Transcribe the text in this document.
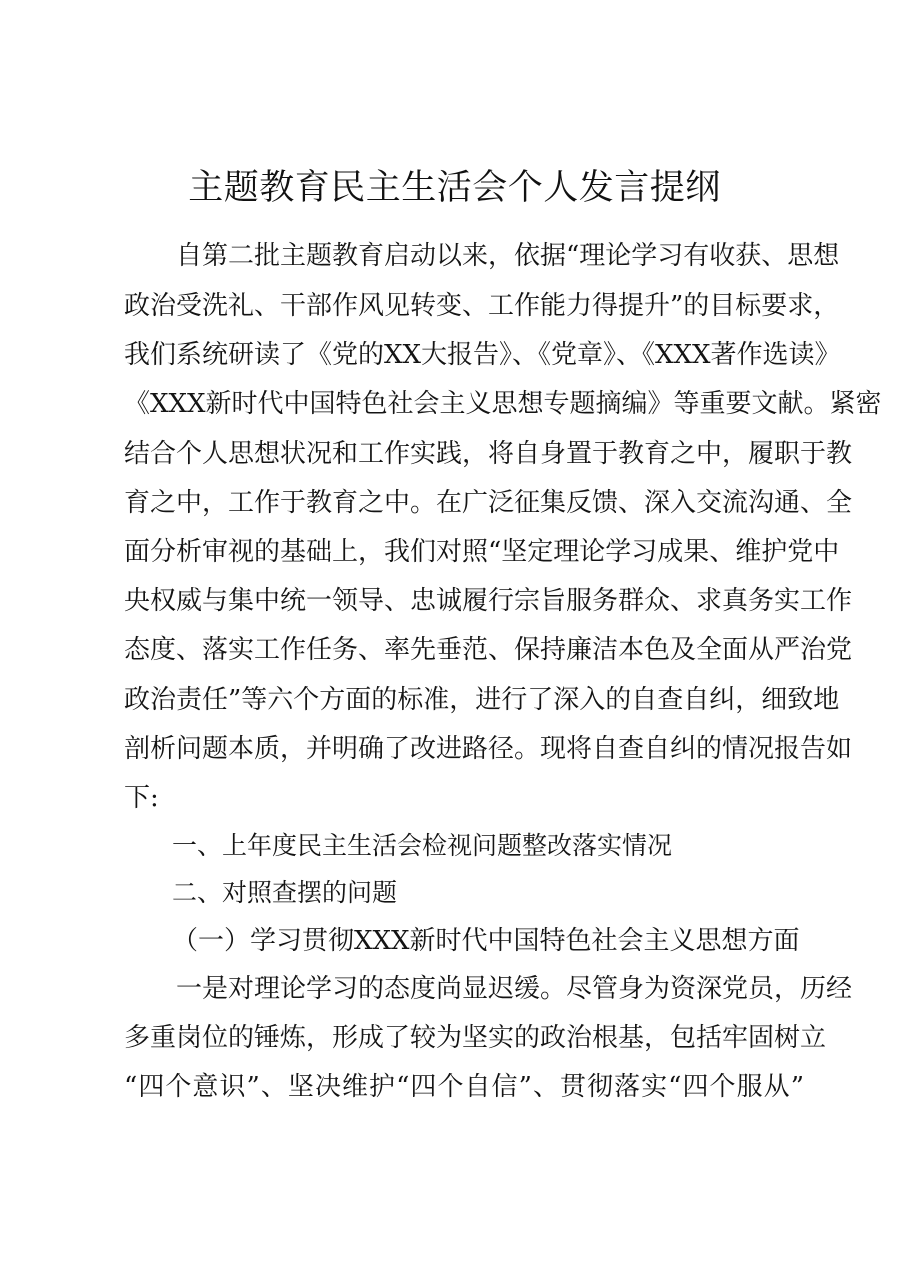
主题教育民主生活会个人发言提纲
自第二批主题教育启动以来，依据“理论学习有收获、思想
政治受洗礼、干部作风见转变、工作能力得提升”的目标要求，
我们系统研读了《党的XX大报告》、《党章》、《XXX著作选读》
《XXX新时代中国特色社会主义思想专题摘编》等重要文献。紧密
结合个人思想状况和工作实践，将自身置于教育之中，履职于教
育之中，工作于教育之中。在广泛征集反馈、深入交流沟通、全
面分析审视的基础上，我们对照“坚定理论学习成果、维护党中
央权威与集中统一领导、忠诚履行宗旨服务群众、求真务实工作
态度、落实工作任务、率先垂范、保持廉洁本色及全面从严治党
政治责任”等六个方面的标准，进行了深入的自查自纠，细致地
剖析问题本质，并明确了改进路径。现将自查自纠的情况报告如
下:
一、上年度民主生活会检视问题整改落实情况
二、对照查摆的问题
（一）学习贯彻XXX新时代中国特色社会主义思想方面
一是对理论学习的态度尚显迟缓。尽管身为资深党员，历经
多重岗位的锤炼，形成了较为坚实的政治根基，包括牢固树立
“四个意识”、坚决维护“四个自信”、贯彻落实“四个服从”
